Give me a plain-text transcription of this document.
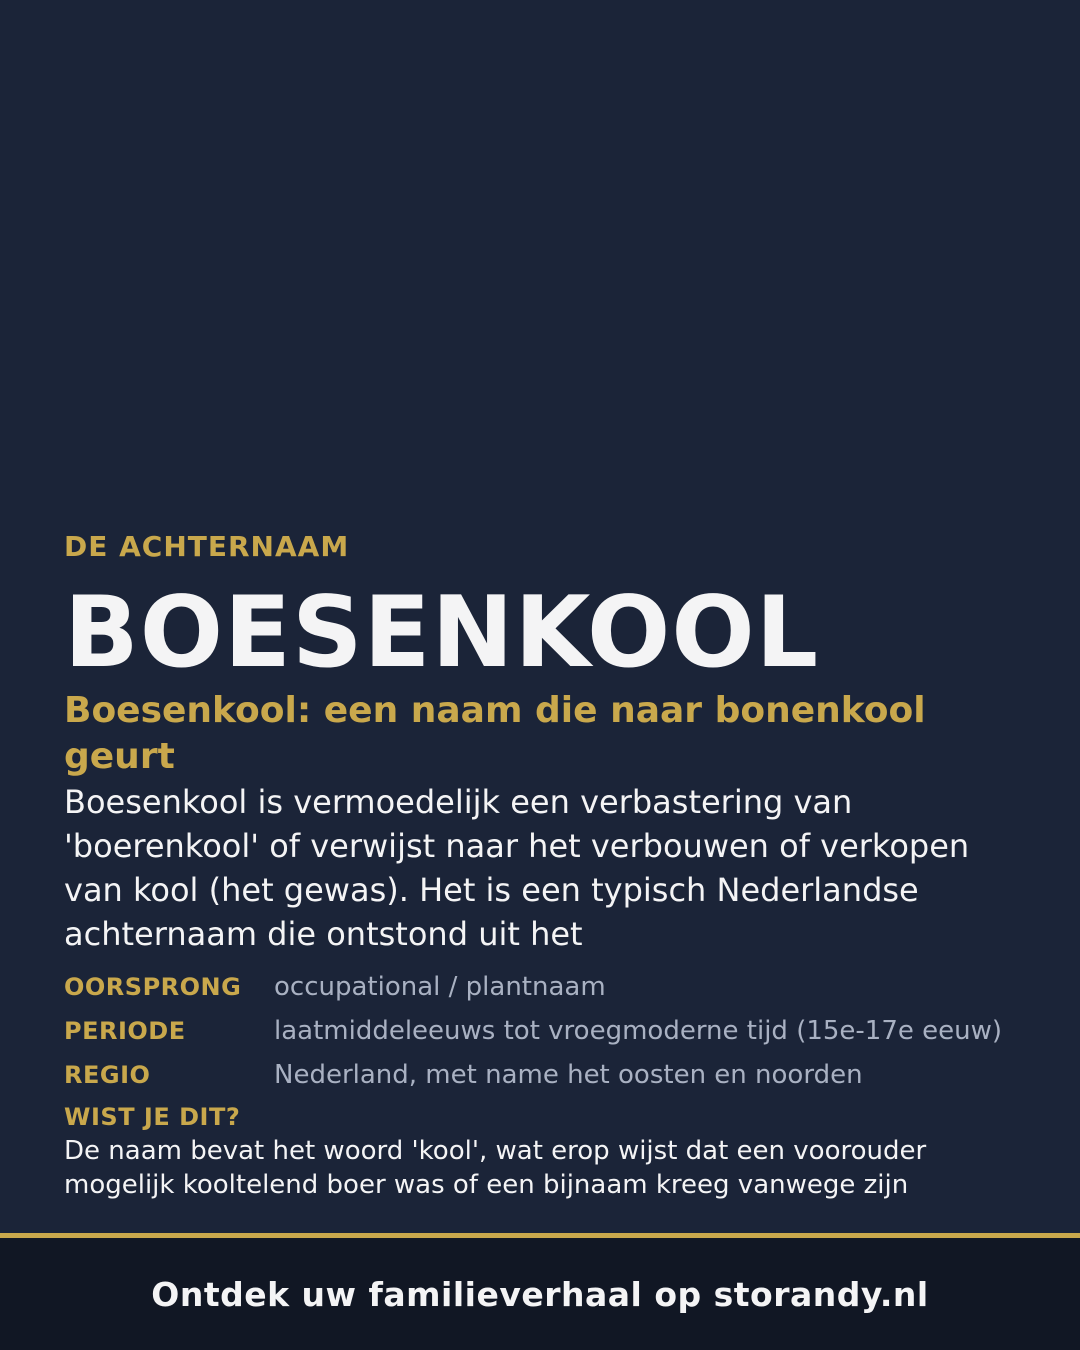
DE ACHTERNAAM

BOESENKOOL
Boesenkool: een naam die naar bonenkool geurt

Boesenkool is vermoedelijk een verbastering van 'boerenkool' of verwijst naar het verbouwen of verkopen van kool (het gewas). Het is een typisch Nederlandse achternaam die ontstond uit het

OORSPRONG	occupational / plantnaam
PERIODE	laatmiddeleeuws tot vroegmoderne tijd (15e-17e eeuw)
REGIO	Nederland, met name het oosten en noorden
WIST JE DIT?
De naam bevat het woord 'kool', wat erop wijst dat een voorouder mogelijk kooltelend boer was of een bijnaam kreeg vanwege zijn
Ontdek uw familieverhaal op storandy.nl
